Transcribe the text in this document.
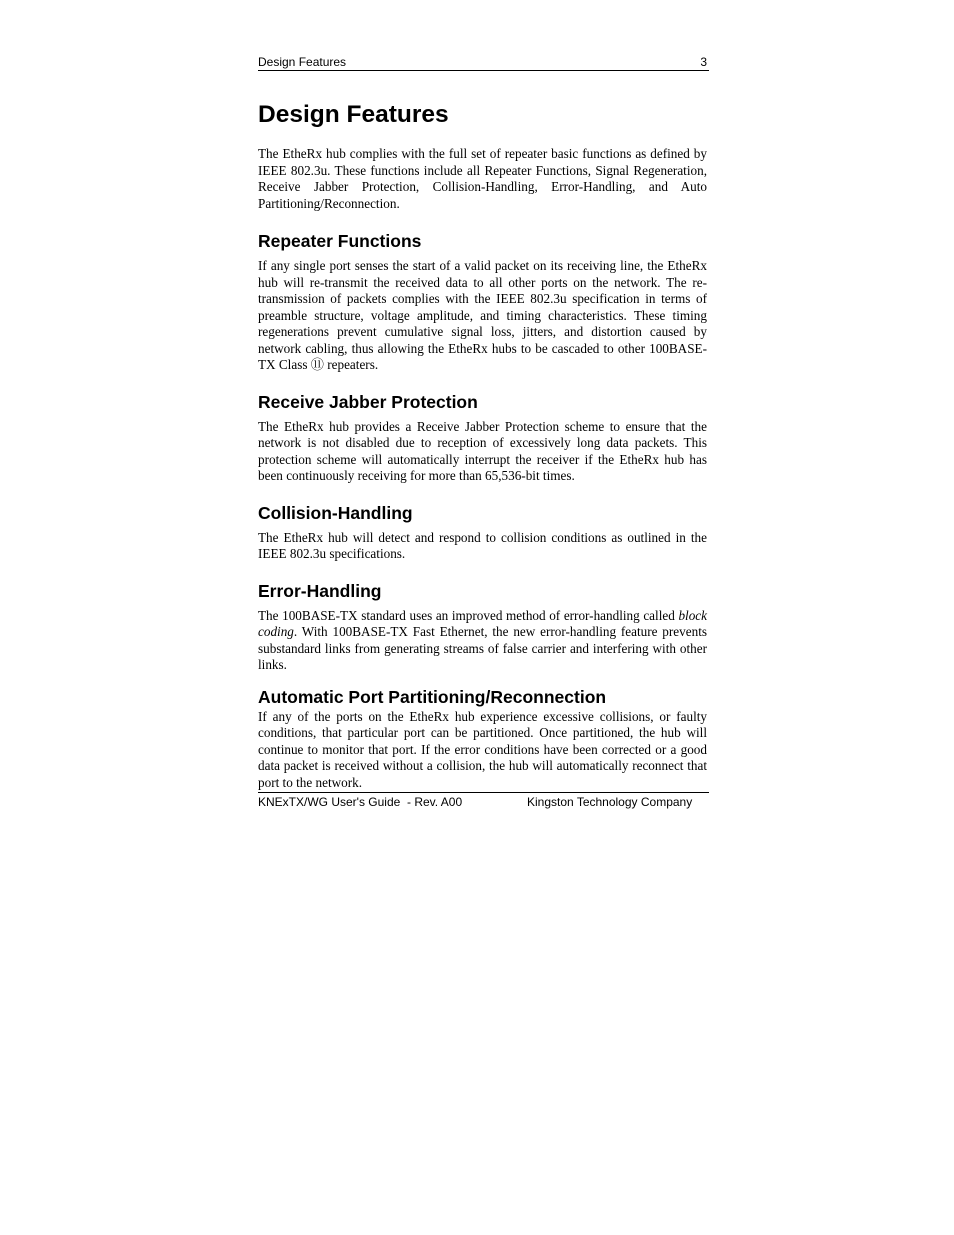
Design Features	3
Design Features

The EtheRx hub complies with the full set of repeater basic functions as defined by IEEE 802.3u. These functions include all Repeater Functions, Signal Regeneration, Receive Jabber Protection, Collision-Handling, Error-Handling, and Auto Partitioning/Reconnection.

Repeater Functions

If any single port senses the start of a valid packet on its receiving line, the EtheRx hub will re-transmit the received data to all other ports on the network. The re-transmission of packets complies with the IEEE 802.3u specification in terms of preamble structure, voltage amplitude, and timing characteristics. These timing regenerations prevent cumulative signal loss, jitters, and distortion caused by network cabling, thus allowing the EtheRx hubs to be cascaded to other 100BASE-TX Class ⑪ repeaters.

Receive Jabber Protection

The EtheRx hub provides a Receive Jabber Protection scheme to ensure that the network is not disabled due to reception of excessively long data packets. This protection scheme will automatically interrupt the receiver if the EtheRx hub has been continuously receiving for more than 65,536-bit times.

Collision-Handling

The EtheRx hub will detect and respond to collision conditions as outlined in the IEEE 802.3u specifications.

Error-Handling

The 100BASE-TX standard uses an improved method of error-handling called block coding. With 100BASE-TX Fast Ethernet, the new error-handling feature prevents substandard links from generating streams of false carrier and interfering with other links.

Automatic Port Partitioning/Reconnection

If any of the ports on the EtheRx hub experience excessive collisions, or faulty conditions, that particular port can be partitioned. Once partitioned, the hub will continue to monitor that port. If the error conditions have been corrected or a good data packet is received without a collision, the hub will automatically reconnect that port to the network.

KNExTX/WG User's Guide  - Rev. A00	Kingston Technology Company
